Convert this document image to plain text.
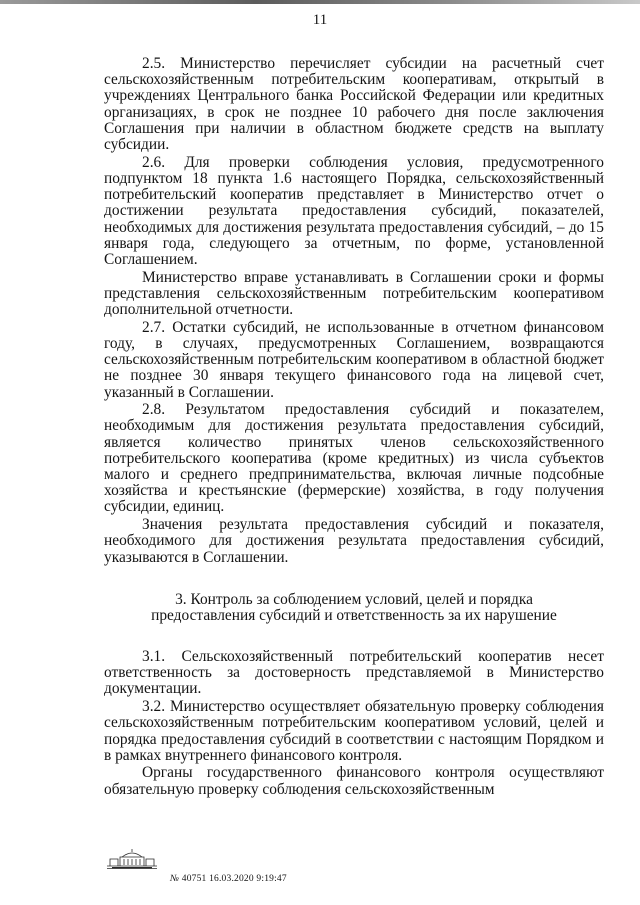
11

2.5. Министерство перечисляет субсидии на расчетный счет сельскохозяйственным потребительским кооперативам, открытый в учреждениях Центрального банка Российской Федерации или кредитных организациях, в срок не позднее 10 рабочего дня после заключения Соглашения при наличии в областном бюджете средств на выплату субсидии.

2.6. Для проверки соблюдения условия, предусмотренного подпунктом 18 пункта 1.6 настоящего Порядка, сельскохозяйственный потребительский кооператив представляет в Министерство отчет о достижении результата предоставления субсидий, показателей, необходимых для достижения результата предоставления субсидий, – до 15 января года, следующего за отчетным, по форме, установленной Соглашением.

Министерство вправе устанавливать в Соглашении сроки и формы представления сельскохозяйственным потребительским кооперативом дополнительной отчетности.

2.7. Остатки субсидий, не использованные в отчетном финансовом году, в случаях, предусмотренных Соглашением, возвращаются сельскохозяйственным потребительским кооперативом в областной бюджет не позднее 30 января текущего финансового года на лицевой счет, указанный в Соглашении.

2.8. Результатом предоставления субсидий и показателем, необходимым для достижения результата предоставления субсидий, является количество принятых членов сельскохозяйственного потребительского кооператива (кроме кредитных) из числа субъектов малого и среднего предпринимательства, включая личные подсобные хозяйства и крестьянские (фермерские) хозяйства, в году получения субсидии, единиц.

Значения результата предоставления субсидий и показателя, необходимого для достижения результата предоставления субсидий, указываются в Соглашении.

3. Контроль за соблюдением условий, целей и порядка
предоставления субсидий и ответственность за их нарушение

3.1. Сельскохозяйственный потребительский кооператив несет ответственность за достоверность представляемой в Министерство документации.

3.2. Министерство осуществляет обязательную проверку соблюдения сельскохозяйственным потребительским кооперативом условий, целей и порядка предоставления субсидий в соответствии с настоящим Порядком и в рамках внутреннего финансового контроля.

Органы государственного финансового контроля осуществляют обязательную проверку соблюдения сельскохозяйственным

№ 40751 16.03.2020 9:19:47
